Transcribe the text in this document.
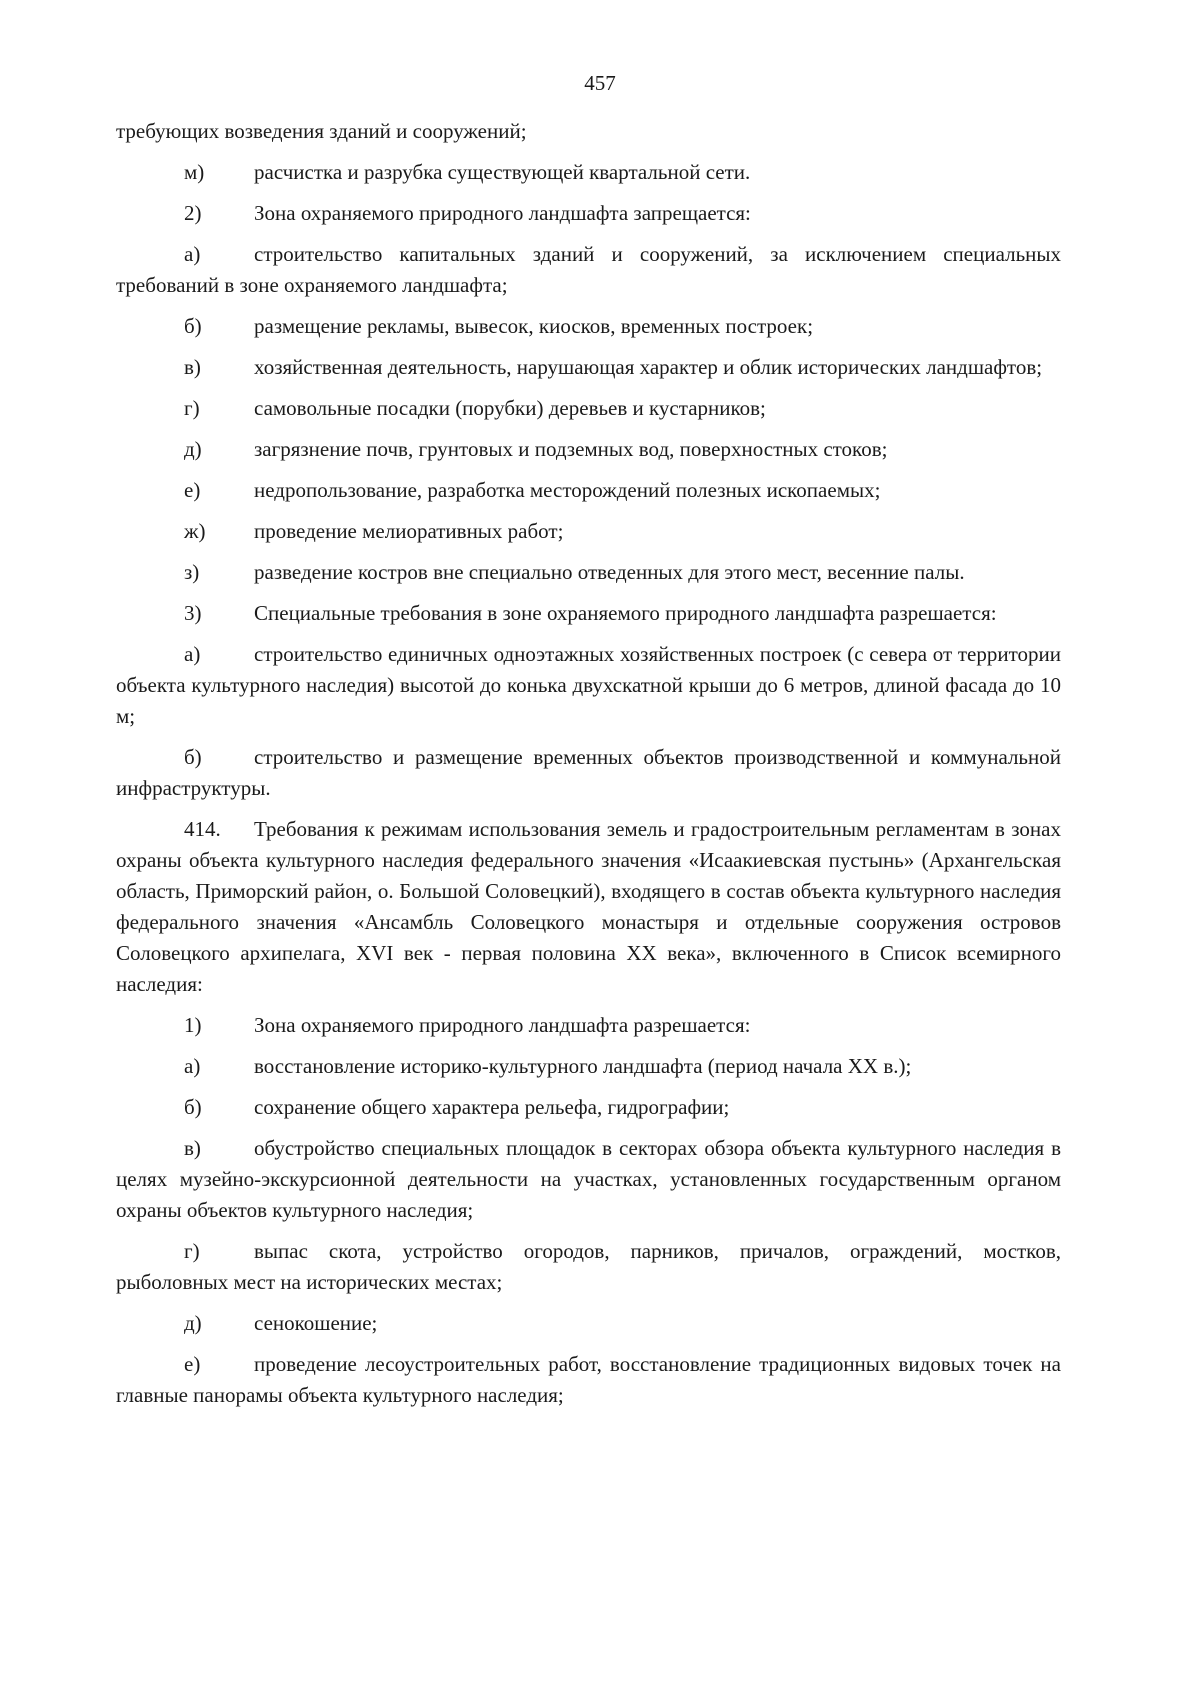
457

требующих возведения зданий и сооружений;

м) расчистка и разрубка существующей квартальной сети.

2)	Зона охраняемого природного ландшафта запрещается:

а)	строительство капитальных зданий и сооружений, за исключением специальных требований в зоне охраняемого ландшафта;

б) размещение рекламы, вывесок, киосков, временных построек;

в)	хозяйственная деятельность, нарушающая характер и облик исторических ландшафтов;

г)	самовольные посадки (порубки) деревьев и кустарников;

д) загрязнение почв, грунтовых и подземных вод, поверхностных стоков;

е)	недропользование, разработка месторождений полезных ископаемых;

ж) проведение мелиоративных работ;

з)	разведение костров вне специально отведенных для этого мест, весенние палы.

3)	Специальные требования в зоне охраняемого природного ландшафта разрешается:

а)	строительство единичных одноэтажных хозяйственных построек (с севера от территории объекта культурного наследия) высотой до конька двухскатной крыши до 6 метров, длиной фасада до 10 м;

б) строительство и размещение временных объектов производственной и коммунальной инфраструктуры.

414. Требования к режимам использования земель и градостроительным регламентам в зонах охраны объекта культурного наследия федерального значения «Исаакиевская пустынь» (Архангельская область, Приморский район, о. Большой Соловецкий), входящего в состав объекта культурного наследия федерального значения «Ансамбль Соловецкого монастыря и отдельные сооружения островов Соловецкого архипелага, XVI век - первая половина XX века», включенного в Список всемирного наследия:

1)	Зона охраняемого природного ландшафта разрешается:

а)	восстановление историко-культурного ландшафта (период начала XX в.);

б) сохранение общего характера рельефа, гидрографии;

в)	обустройство специальных площадок в секторах обзора объекта культурного наследия в целях музейно-экскурсионной деятельности на участках, установленных государственным органом охраны объектов культурного наследия;

г)	выпас скота, устройство огородов, парников, причалов, ограждений, мостков, рыболовных мест на исторических местах;

д) сенокошение;

е)	проведение лесоустроительных работ, восстановление традиционных видовых точек на главные панорамы объекта культурного наследия;
